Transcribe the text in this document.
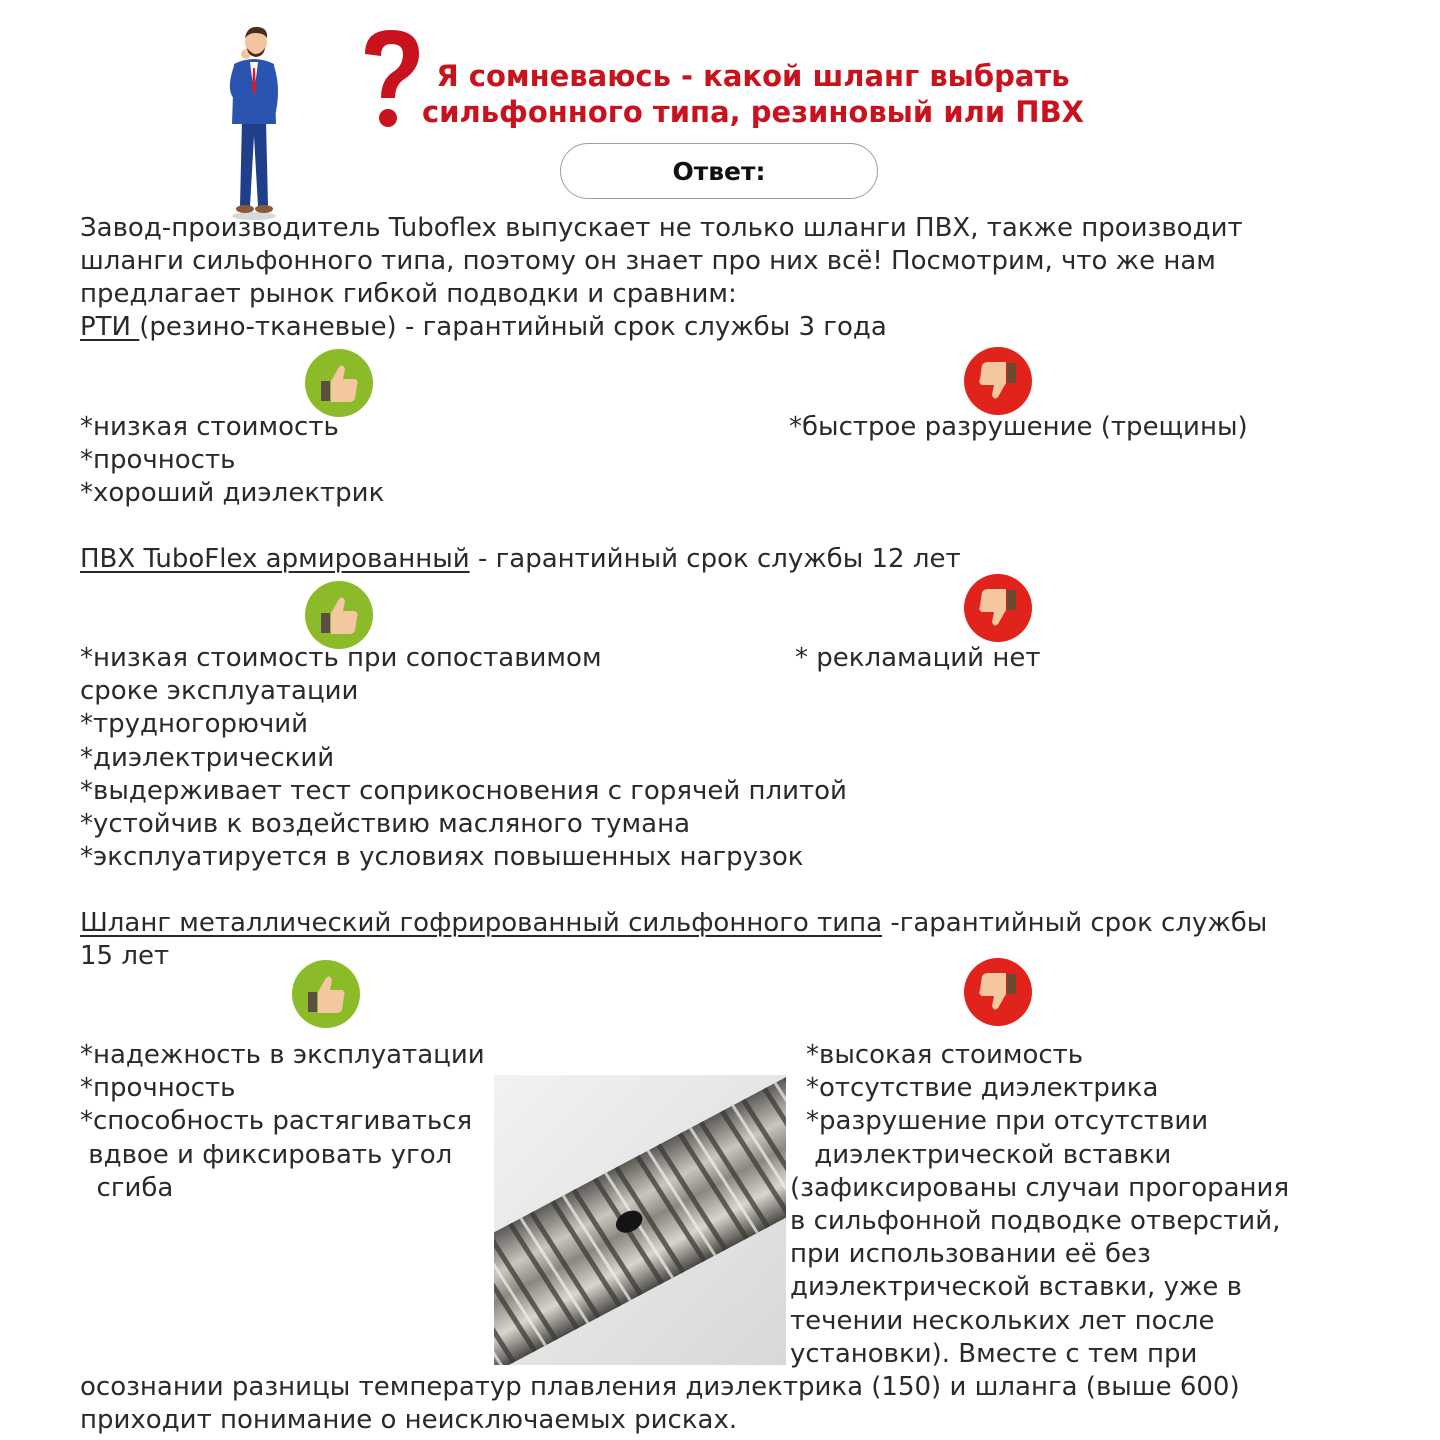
Я сомневаюсь - какой шланг выбрать
сильфонного типа, резиновый или ПВХ
Ответ:
Завод-производитель Tuboflex выпускает не только шланги ПВХ, также производит
шланги сильфонного типа, поэтому он знает про них всё! Посмотрим, что же нам
предлагает рынок гибкой подводки и сравним:
РТИ (резино-тканевые) - гарантийный срок службы 3 года
*низкая стоимость
*прочность
*хороший диэлектрик
*быстрое разрушение (трещины)
ПВХ TuboFlex армированный - гарантийный срок службы 12 лет
*низкая стоимость при сопоставимом
сроке эксплуатации
*трудногорючий
*диэлектрический
*выдерживает тест соприкосновения с горячей плитой
*устойчив к воздействию масляного тумана
*эксплуатируется в условиях повышенных нагрузок
* рекламаций нет
Шланг металлический гофрированный сильфонного типа -гарантийный срок службы
15 лет
*надежность в эксплуатации
*прочность
*способность растягиваться
вдвое и фиксировать угол
сгиба
*высокая стоимость
*отсутствие диэлектрика
*разрушение при отсутствии
диэлектрической вставки
(зафиксированы случаи прогорания
в сильфонной подводке отверстий,
при использовании её без
диэлектрической вставки, уже в
течении нескольких лет после
установки). Вместе с тем при
осознании разницы температур плавления диэлектрика (150) и шланга (выше 600)
приходит понимание о неисключаемых рисках.
